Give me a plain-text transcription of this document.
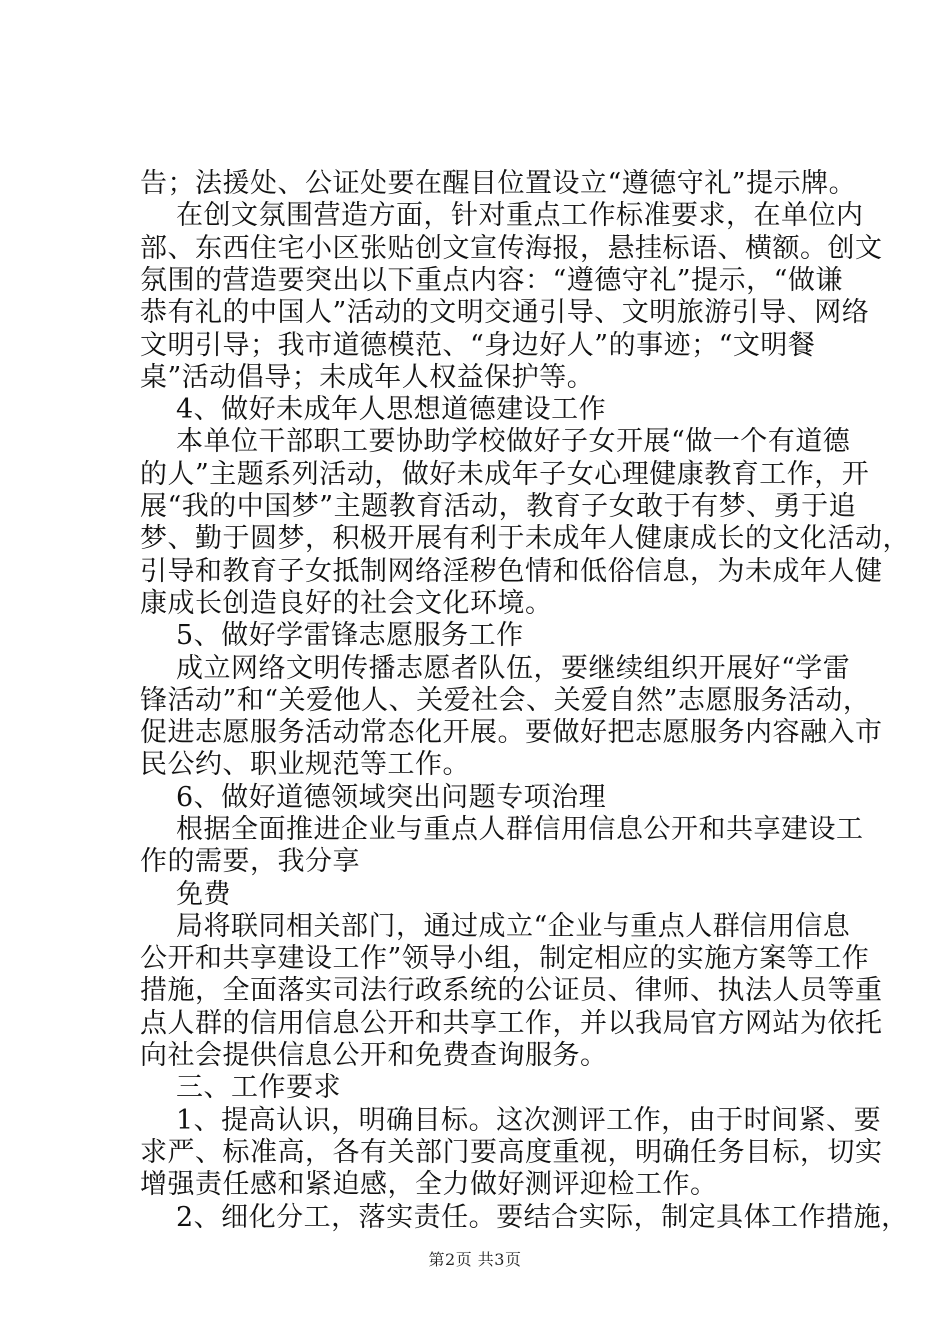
告；法援处、公证处要在醒目位置设立“遵德守礼”提示牌。
在创文氛围营造方面，针对重点工作标准要求，在单位内
部、东西住宅小区张贴创文宣传海报，悬挂标语、横额。创文
氛围的营造要突出以下重点内容：“遵德守礼”提示，“做谦
恭有礼的中国人”活动的文明交通引导、文明旅游引导、网络
文明引导；我市道德模范、“身边好人”的事迹；“文明餐
桌”活动倡导；未成年人权益保护等。
4、做好未成年人思想道德建设工作
本单位干部职工要协助学校做好子女开展“做一个有道德
的人”主题系列活动，做好未成年子女心理健康教育工作，开
展“我的中国梦”主题教育活动，教育子女敢于有梦、勇于追
梦、勤于圆梦，积极开展有利于未成年人健康成长的文化活动，
引导和教育子女抵制网络淫秽色情和低俗信息，为未成年人健
康成长创造良好的社会文化环境。
5、做好学雷锋志愿服务工作
成立网络文明传播志愿者队伍，要继续组织开展好“学雷
锋活动”和“关爱他人、关爱社会、关爱自然”志愿服务活动，
促进志愿服务活动常态化开展。要做好把志愿服务内容融入市
民公约、职业规范等工作。
6、做好道德领域突出问题专项治理
根据全面推进企业与重点人群信用信息公开和共享建设工
作的需要，我分享
免费
局将联同相关部门，通过成立“企业与重点人群信用信息
公开和共享建设工作”领导小组，制定相应的实施方案等工作
措施，全面落实司法行政系统的公证员、律师、执法人员等重
点人群的信用信息公开和共享工作，并以我局官方网站为依托
向社会提供信息公开和免费查询服务。
三、工作要求
1、提高认识，明确目标。这次测评工作，由于时间紧、要
求严、标准高，各有关部门要高度重视，明确任务目标，切实
增强责任感和紧迫感，全力做好测评迎检工作。
2、细化分工，落实责任。要结合实际，制定具体工作措施，
第2页 共3页
